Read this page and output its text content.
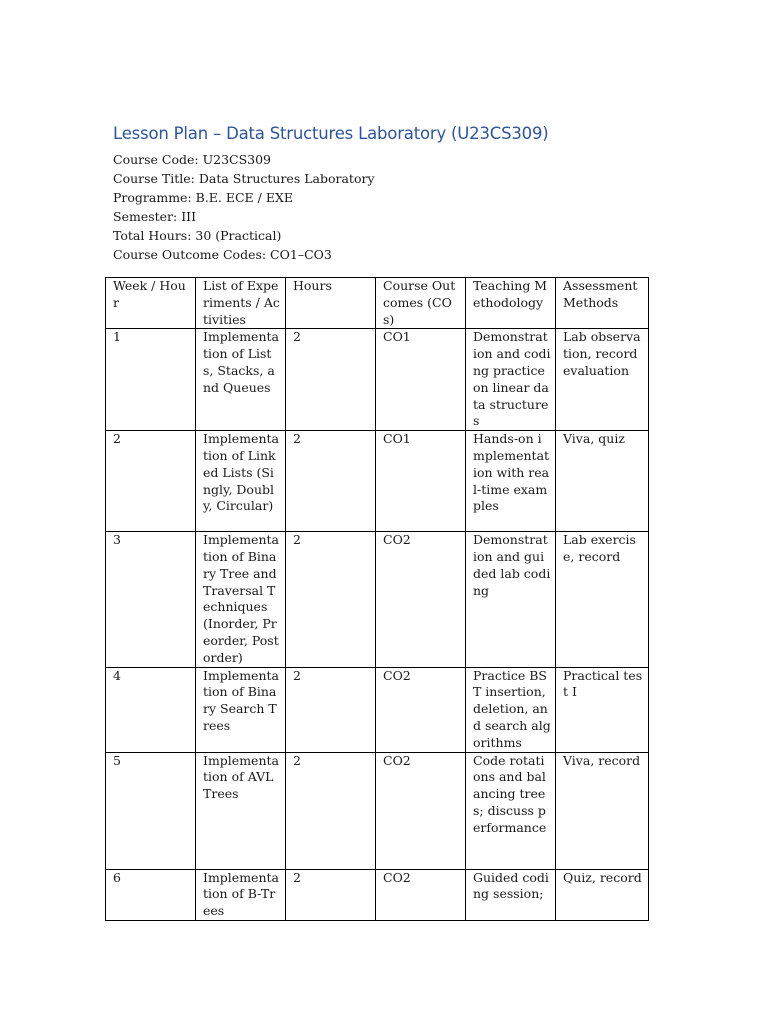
Lesson Plan – Data Structures Laboratory (U23CS309)
Course Code: U23CS309
Course Title: Data Structures Laboratory
Programme: B.E. ECE / EXE
Semester: III
Total Hours: 30 (Practical)
Course Outcome Codes: CO1–CO3
Week / Hour	List of Experiments / Activities	Hours	Course Outcomes (COs)	Teaching Methodology	Assessment Methods
1	Implementation of Lists, Stacks, and Queues	2	CO1	Demonstration and coding practice on linear data structures	Lab observation, record evaluation
2	Implementation of Linked Lists (Singly, Doubly, Circular)	2	CO1	Hands-on implementation with real-time examples	Viva, quiz
3	Implementation of Binary Tree and Traversal Techniques (Inorder, Preorder, Postorder)	2	CO2	Demonstration and guided lab coding	Lab exercise, record
4	Implementation of Binary Search Trees	2	CO2	Practice BST insertion, deletion, and search algorithms	Practical test I
5	Implementation of AVL Trees	2	CO2	Code rotations and balancing trees; discuss performance	Viva, record
6	Implementation of B-Trees	2	CO2	Guided coding session;	Quiz, record
